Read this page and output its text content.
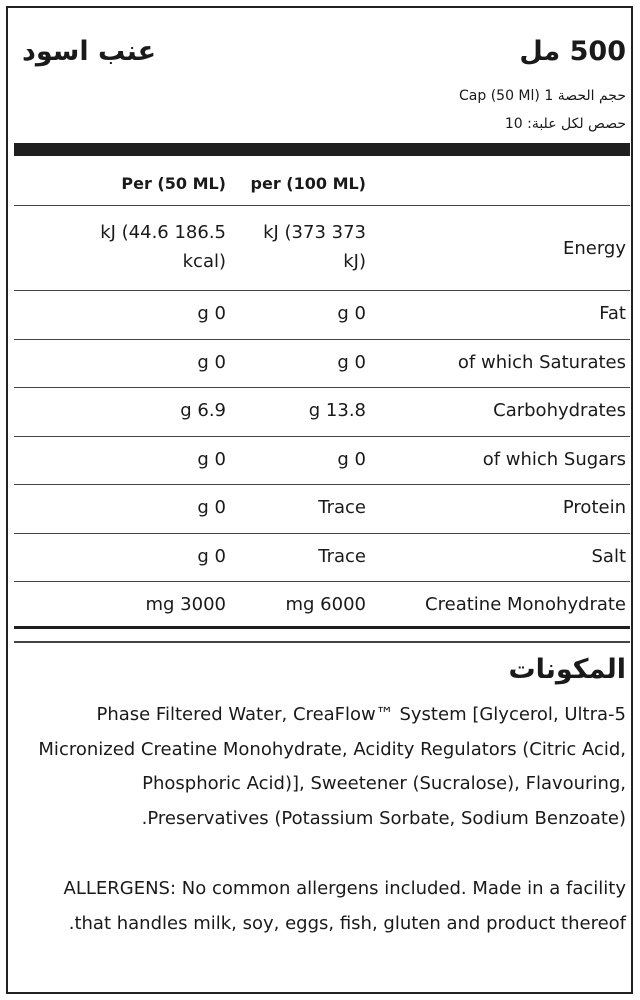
عنب اسود	500 مل
حجم الحصة 1 Cap (50 Ml)
حصص لكل علبة: 10
Per (50 ML) per (100 ML)
Energy
kJ (373 373 kJ)
kJ (44.6 186.5 kcal)
Fat
g 0
g 0
of which Saturates
g 0
g 0
Carbohydrates
g 13.8
g 6.9
of which Sugars
g 0
g 0
Protein
Trace
g 0
Salt
Trace
g 0
Creatine Monohydrate
mg 6000
mg 3000
المكونات
Phase Filtered Water, CreaFlow™ System [Glycerol, Ultra-5 Micronized Creatine Monohydrate, Acidity Regulators (Citric Acid, Phosphoric Acid)], Sweetener (Sucralose), Flavouring, Preservatives (Potassium Sorbate, Sodium Benzoate).
ALLERGENS: No common allergens included. Made in a facility that handles milk, soy, eggs, fish, gluten and product thereof.
